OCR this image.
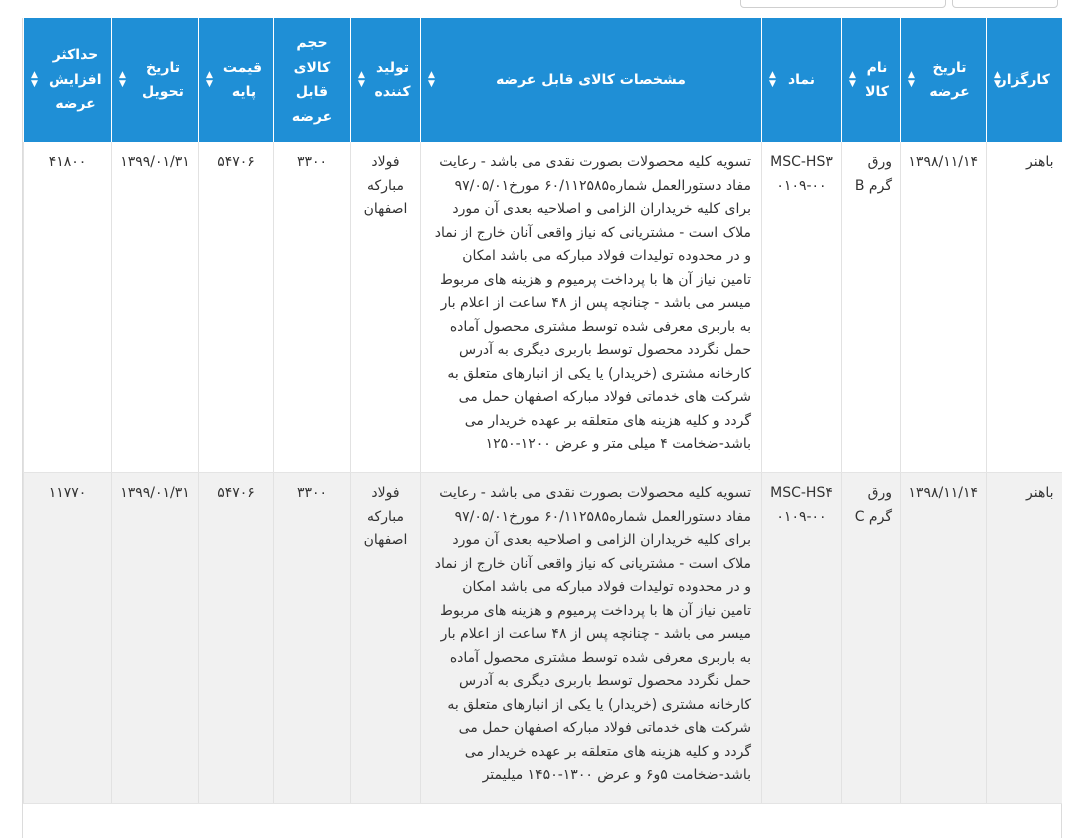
کارگزار
▲
▼	تاریخ عرضه
▲
▼	نام کالا
▲
▼	نماد
▲
▼	مشخصات کالای قابل عرضه
▲
▼	تولید کننده
▲
▼	حجم کالای قابل عرضه	قیمت پایه
▲
▼	تاریخ تحویل
▲
▼	حداکثر افزایش عرضه
▲
▼

باهنر	۱۳۹۸/۱۱/۱۴	ورق گرم B	MSC-HS۳۰۱۰۹-۰۰	تسویه کلیه محصولات بصورت نقدی می باشد - رعایت مفاد دستورالعمل شماره۶۰/۱۱۲۵۸۵ مورخ۹۷/۰۵/۰۱ برای کلیه خریداران الزامی و اصلاحیه بعدی آن مورد ملاک است - مشتریانی که نیاز واقعی آنان خارج از نماد و در محدوده تولیدات فولاد مبارکه می باشد امکان تامین نیاز آن ها با پرداخت پرمیوم و هزینه های مربوط میسر می باشد - چنانچه پس از ۴۸ ساعت از اعلام بار به باربری معرفی شده توسط مشتری محصول آماده حمل نگردد محصول توسط باربری دیگری به آدرس کارخانه مشتری (خریدار) یا یکی از انبارهای متعلق به شرکت های خدماتی فولاد مبارکه اصفهان حمل می گردد و کلیه هزینه های متعلقه بر عهده خریدار می باشد-ضخامت ۴ میلی متر و عرض ۱۲۰۰-۱۲۵۰	فولاد مبارکه اصفهان	۳۳۰۰	۵۴۷۰۶	۱۳۹۹/۰۱/۳۱	۴۱۸۰۰
باهنر	۱۳۹۸/۱۱/۱۴	ورق گرم C	MSC-HS۴۰۱۰۹-۰۰	تسویه کلیه محصولات بصورت نقدی می باشد - رعایت مفاد دستورالعمل شماره۶۰/۱۱۲۵۸۵ مورخ۹۷/۰۵/۰۱ برای کلیه خریداران الزامی و اصلاحیه بعدی آن مورد ملاک است - مشتریانی که نیاز واقعی آنان خارج از نماد و در محدوده تولیدات فولاد مبارکه می باشد امکان تامین نیاز آن ها با پرداخت پرمیوم و هزینه های مربوط میسر می باشد - چنانچه پس از ۴۸ ساعت از اعلام بار به باربری معرفی شده توسط مشتری محصول آماده حمل نگردد محصول توسط باربری دیگری به آدرس کارخانه مشتری (خریدار) یا یکی از انبارهای متعلق به شرکت های خدماتی فولاد مبارکه اصفهان حمل می گردد و کلیه هزینه های متعلقه بر عهده خریدار می باشد-ضخامت ۵و۶ و عرض ۱۳۰۰-۱۴۵۰ میلیمتر	فولاد مبارکه اصفهان	۳۳۰۰	۵۴۷۰۶	۱۳۹۹/۰۱/۳۱	۱۱۷۷۰
